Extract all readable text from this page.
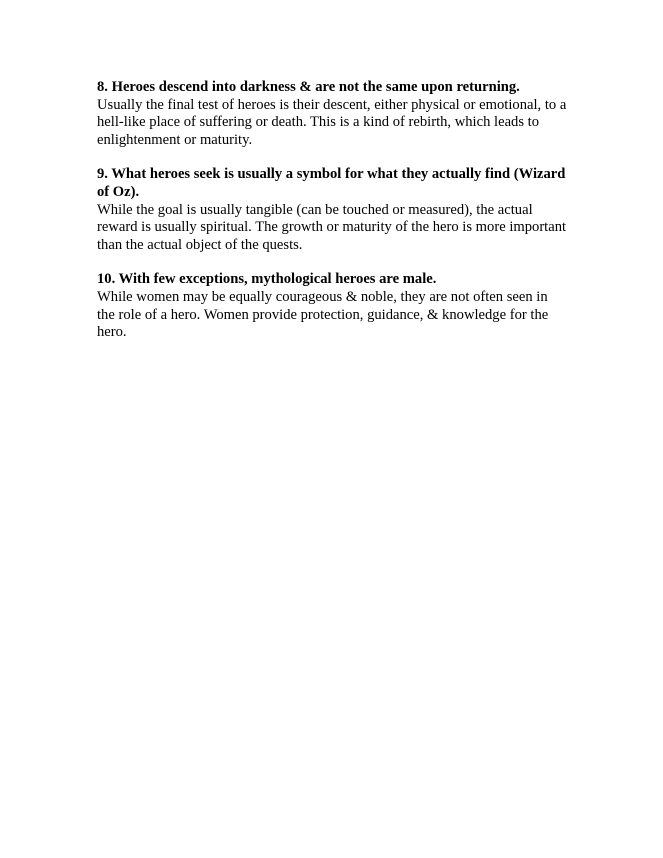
8. Heroes descend into darkness & are not the same upon returning.

Usually the final test of heroes is their descent, either physical or emotional, to a hell-like place of suffering or death. This is a kind of rebirth, which leads to enlightenment or maturity.

9. What heroes seek is usually a symbol for what they actually find (Wizard of Oz).

While the goal is usually tangible (can be touched or measured), the actual reward is usually spiritual. The growth or maturity of the hero is more important than the actual object of the quests.

10. With few exceptions, mythological heroes are male.

While women may be equally courageous & noble, they are not often seen in the role of a hero. Women provide protection, guidance, & knowledge for the hero.
